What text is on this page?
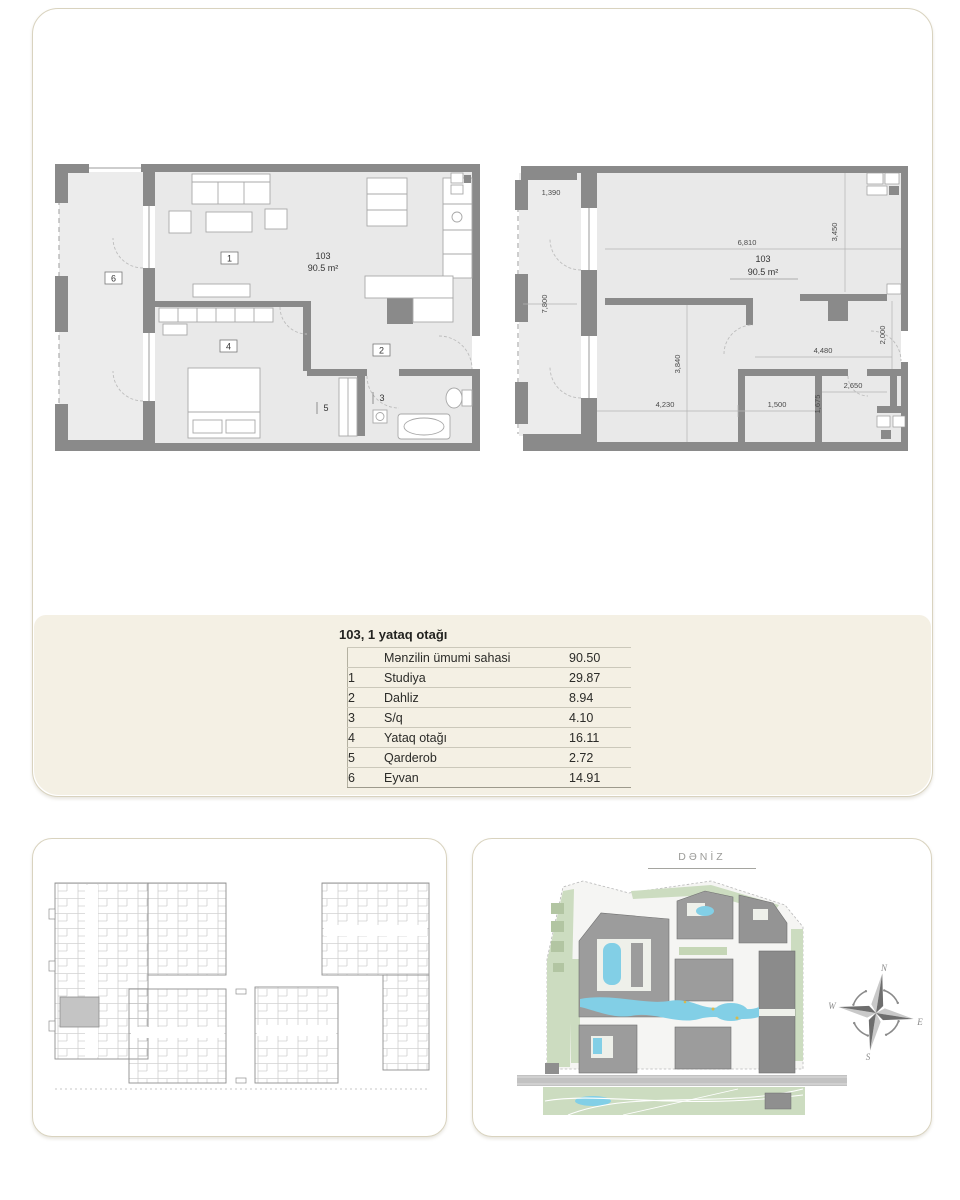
1
2
3
4
5
6
103
90.5 m²
6,810
1,390
7,800
3,450
3,840
4,230	1,500
4,480
2,000
2,650
1,675
103
90.5 m²
103, 1 yataq otağı
	Mənzilin ümumi sahasi	90.50
1	Studiya	29.87
2	Dahliz	8.94
3	S/q	4.10
4	Yataq otağı	16.11
5	Qarderob	2.72
6	Eyvan	14.91
DƏNİZ
N
W
E
S
